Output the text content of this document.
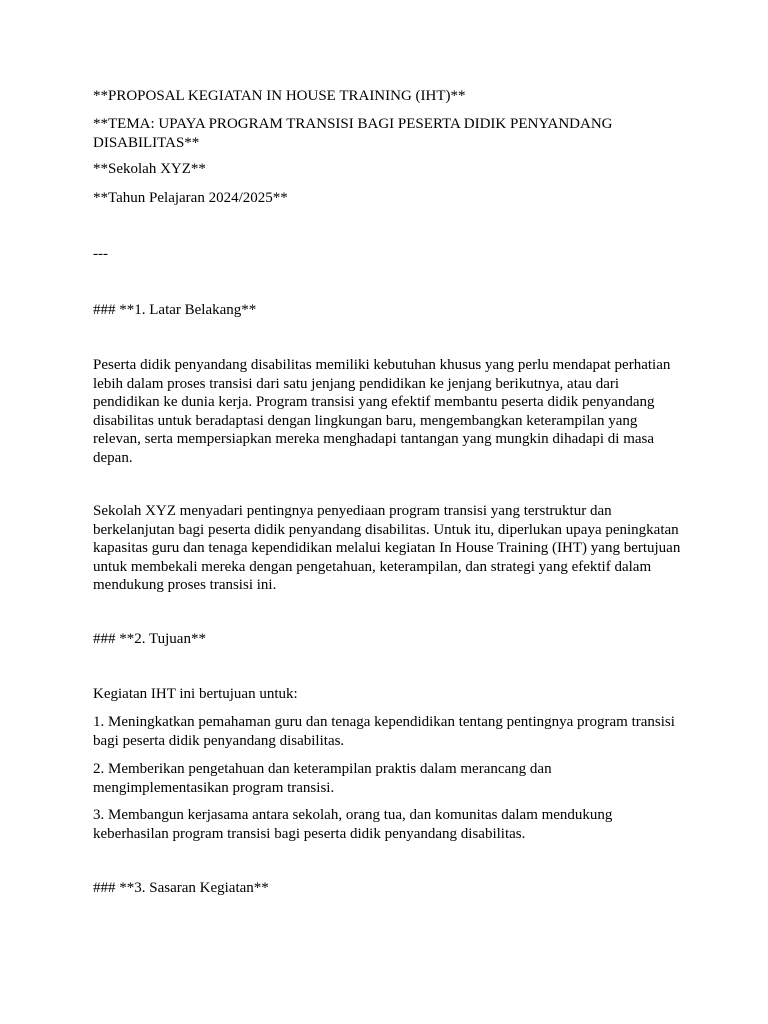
**PROPOSAL KEGIATAN IN HOUSE TRAINING (IHT)**

**TEMA: UPAYA PROGRAM TRANSISI BAGI PESERTA DIDIK PENYANDANG DISABILITAS**

**Sekolah XYZ**

**Tahun Pelajaran 2024/2025**

---

### **1. Latar Belakang**

Peserta didik penyandang disabilitas memiliki kebutuhan khusus yang perlu mendapat perhatian lebih dalam proses transisi dari satu jenjang pendidikan ke jenjang berikutnya, atau dari pendidikan ke dunia kerja. Program transisi yang efektif membantu peserta didik penyandang disabilitas untuk beradaptasi dengan lingkungan baru, mengembangkan keterampilan yang relevan, serta mempersiapkan mereka menghadapi tantangan yang mungkin dihadapi di masa depan.

Sekolah XYZ menyadari pentingnya penyediaan program transisi yang terstruktur dan berkelanjutan bagi peserta didik penyandang disabilitas. Untuk itu, diperlukan upaya peningkatan kapasitas guru dan tenaga kependidikan melalui kegiatan In House Training (IHT) yang bertujuan untuk membekali mereka dengan pengetahuan, keterampilan, dan strategi yang efektif dalam mendukung proses transisi ini.

### **2. Tujuan**

Kegiatan IHT ini bertujuan untuk:

1. Meningkatkan pemahaman guru dan tenaga kependidikan tentang pentingnya program transisi bagi peserta didik penyandang disabilitas.

2. Memberikan pengetahuan dan keterampilan praktis dalam merancang dan mengimplementasikan program transisi.

3. Membangun kerjasama antara sekolah, orang tua, dan komunitas dalam mendukung keberhasilan program transisi bagi peserta didik penyandang disabilitas.

### **3. Sasaran Kegiatan**
